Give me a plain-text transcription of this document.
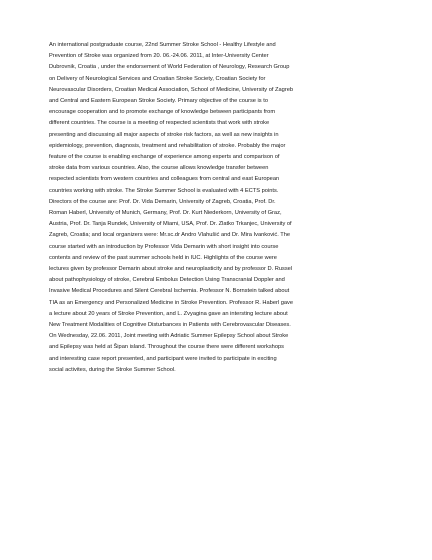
An international postgraduate course, 22nd Summer Stroke School - Healthy Lifestyle and
Prevention of Stroke was organized from 20. 06.-24.06. 2011, at Inter-University Center
Dubrovnik, Croatia , under the endorsement of World Federation of Neurology, Research Group
on Delivery of Neurological Services and Croatian Stroke Society, Croatian Society for
Neurovascular Disorders, Croatian Medical Association, School of Medicine, University of Zagreb
and Central and Eastern European Stroke Society. Primary objective of the course is to
encourage cooperation and to promote exchange of knowledge between participants from
different countries. The course is a meeting of respected scientists that work with stroke
presenting and discussing all major aspects of stroke risk factors, as well as new insights in
epidemiology, prevention, diagnosis, treatment and rehabilitation of stroke. Probably the major
feature of the course is enabling exchange of experience among experts and comparison of
stroke data from various countries. Also, the course allows knowledge transfer between
respected scientists from western countries and colleagues from central and east European
countries working with stroke. The Stroke Summer School is evaluated with 4 ECTS points.
Directors of the course are: Prof. Dr. Vida Demarin, University of Zagreb, Croatia, Prof. Dr.
Roman Haberl, University of Munich, Germany, Prof. Dr. Kurt Niederkorn, University of Graz,
Austria, Prof. Dr. Tanja Rundek, University of Miami, USA, Prof. Dr. Zlatko Trkanjec, University of
Zagreb, Croatia; and local organizers were: Mr.sc.dr Andro Vlahušić and Dr. Mira Ivanković. The
course started with an introduction by Professor Vida Demarin with short insight into course
contents and review of the past summer schools held in IUC. Highlights of the course were
lectures given by professor Demarin about stroke and neuroplasticity and by professor D. Russel
about pathophysiology of stroke, Cerebral Embolus Detection Using Transcranial Doppler and
Invasive Medical Procedures and Silent Cerebral Ischemia. Professor N. Bornstein talked about
TIA as an Emergency and Personalized Medicine in Stroke Prevention. Professor R. Haberl gave
a lecture about 20 years of Stroke Prevention, and L. Zvyagina gave an intersting lecture about
New Treatment Modalities of Cognitive Disturbances in Patients with Cerebrovascular Diseases.
On Wednesday, 22.06. 2011, Joint meeting with Adriatic Summer Epilepsy School about Stroke
and Epilepsy was held at Šipan island. Throughout the course there were different workshops
and interesting case report presented, and participant were invited to participate in exciting
social activites, during the Stroke Summer School.
